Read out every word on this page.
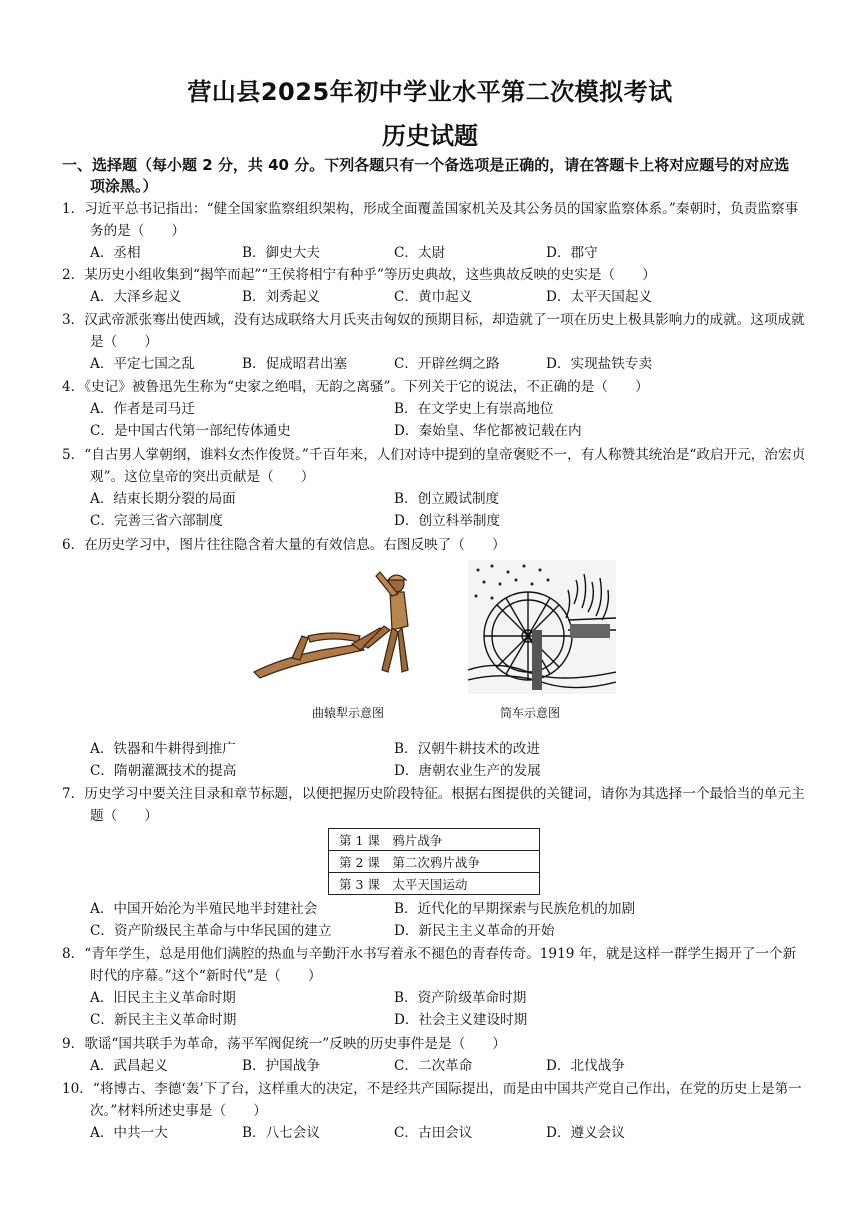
营山县2025年初中学业水平第二次模拟考试
历史试题
一、选择题（每小题 2 分，共 40 分。下列各题只有一个备选项是正确的，请在答题卡上将对应题号的对应选项涂黑。）
1．习近平总书记指出：“健全国家监察组织架构，形成全面覆盖国家机关及其公务员的国家监察体系。”秦朝时，负责监察事务的是（　　）
A．丞相	B．御史大夫	C．太尉	D．郡守
2．某历史小组收集到“揭竿而起”“王侯将相宁有种乎”等历史典故，这些典故反映的史实是（　　）
A．大泽乡起义	B．刘秀起义	C．黄巾起义	D．太平天国起义
3．汉武帝派张骞出使西域，没有达成联络大月氏夹击匈奴的预期目标，却造就了一项在历史上极具影响力的成就。这项成就是（　　）
A．平定七国之乱	B．促成昭君出塞	C．开辟丝绸之路	D．实现盐铁专卖
4．《史记》被鲁迅先生称为“史家之绝唱，无韵之离骚”。下列关于它的说法，不正确的是（　　）
A．作者是司马迁	B．在文学史上有崇高地位
C．是中国古代第一部纪传体通史	D．秦始皇、华佗都被记载在内
5．“自古男人掌朝纲，谁料女杰作俊贤。”千百年来，人们对诗中提到的皇帝褒贬不一，有人称赞其统治是“政启开元，治宏贞观”。这位皇帝的突出贡献是（　　）
A．结束长期分裂的局面	B．创立殿试制度
C．完善三省六部制度	D．创立科举制度
6．在历史学习中，图片往往隐含着大量的有效信息。右图反映了（　　）
曲辕犁示意图	筒车示意图
A．铁器和牛耕得到推广	B．汉朝牛耕技术的改进
C．隋朝灌溉技术的提高	D．唐朝农业生产的发展
7．历史学习中要关注目录和章节标题，以便把握历史阶段特征。根据右图提供的关键词，请你为其选择一个最恰当的单元主题（　　）
第 1 课　鸦片战争
第 2 课　第二次鸦片战争
第 3 课　太平天国运动
A．中国开始沦为半殖民地半封建社会	B．近代化的早期探索与民族危机的加剧
C．资产阶级民主革命与中华民国的建立	D．新民主主义革命的开始
8．“青年学生，总是用他们满腔的热血与辛勤汗水书写着永不褪色的青春传奇。1919 年，就是这样一群学生揭开了一个新时代的序幕。”这个“新时代”是（　　）
A．旧民主主义革命时期	B．资产阶级革命时期
C．新民主主义革命时期	D．社会主义建设时期
9．歌谣“国共联手为革命，荡平军阀促统一”反映的历史事件是是（　　）
A．武昌起义	B．护国战争	C．二次革命	D．北伐战争
10．“将博古、李德‘轰’下了台，这样重大的决定，不是经共产国际提出，而是由中国共产党自己作出，在党的历史上是第一次。”材料所述史事是（　　）
A．中共一大	B．八七会议	C．古田会议	D．遵义会议
